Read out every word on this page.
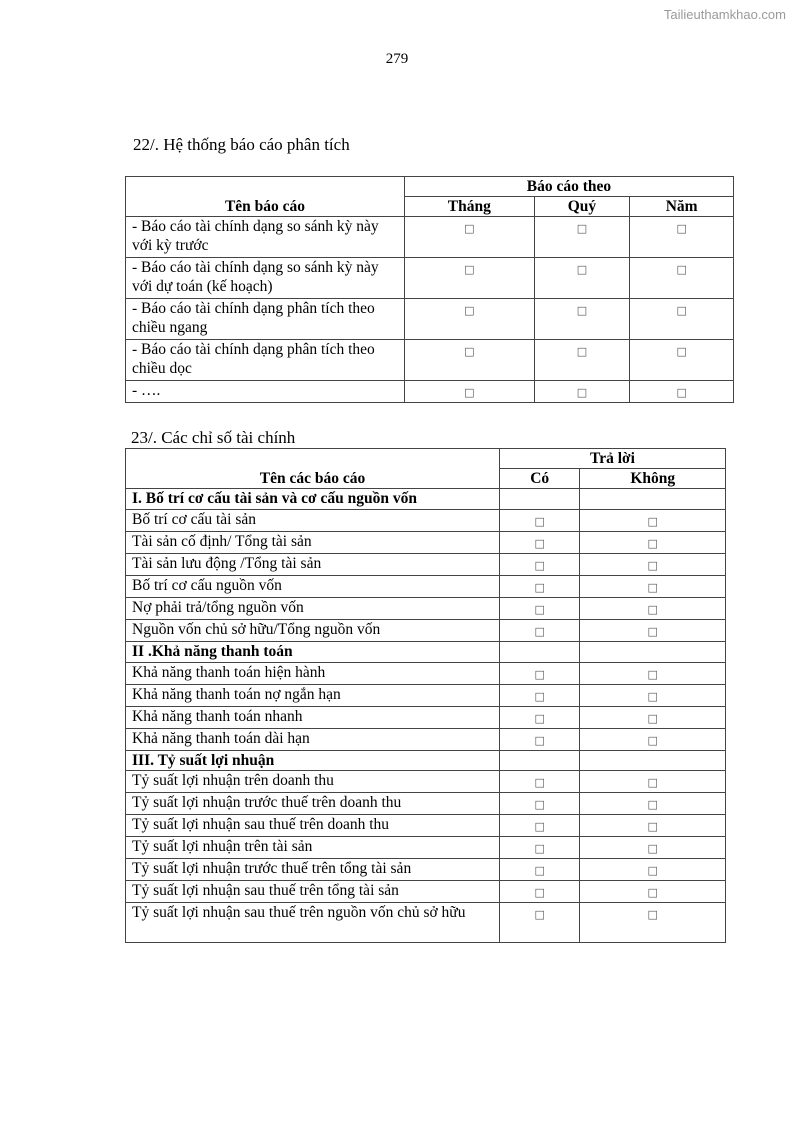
Tailieuthamkhao.com
279
22/. Hệ thống báo cáo phân tích
Tên báo cáo	Báo cáo theo		
	Tháng	Quý	Năm
- Báo cáo tài chính dạng so sánh kỳ này với kỳ trước	□	□	□
- Báo cáo tài chính dạng so sánh kỳ này với dự toán (kế hoạch)	□	□	□
- Báo cáo tài chính dạng phân tích theo chiều ngang	□	□	□
- Báo cáo tài chính dạng phân tích theo chiều dọc	□	□	□
- ….	□	□	□
23/. Các chỉ số tài chính
Tên các báo cáo	Trả lời	
	Có	Không
I. Bố trí cơ cấu tài sản và cơ cấu nguồn vốn		
Bố trí cơ cấu tài sản	□	□
Tài sản cố định/ Tổng tài sản	□	□
Tài sản lưu động /Tổng tài sản	□	□
Bố trí cơ cấu nguồn vốn	□	□
Nợ phải trả/tổng nguồn vốn	□	□
Nguồn vốn chủ sở hữu/Tổng nguồn vốn	□	□
II .Khả năng thanh toán		
Khả năng thanh toán hiện hành	□	□
Khả năng thanh toán nợ ngắn hạn	□	□
Khả năng thanh toán nhanh	□	□
Khả năng thanh toán dài hạn	□	□
III. Tỷ suất lợi nhuận		
Tỷ suất lợi nhuận trên doanh thu	□	□
Tỷ suất lợi nhuận trước thuế trên doanh thu	□	□
Tỷ suất lợi nhuận sau thuế trên doanh thu	□	□
Tỷ suất lợi nhuận trên tài sản	□	□
Tỷ suất lợi nhuận trước thuế trên tổng tài sản	□	□
Tỷ suất lợi nhuận sau thuế trên tổng tài sản	□	□
Tỷ suất lợi nhuận sau thuế trên nguồn vốn chủ sở hữu	□	□
